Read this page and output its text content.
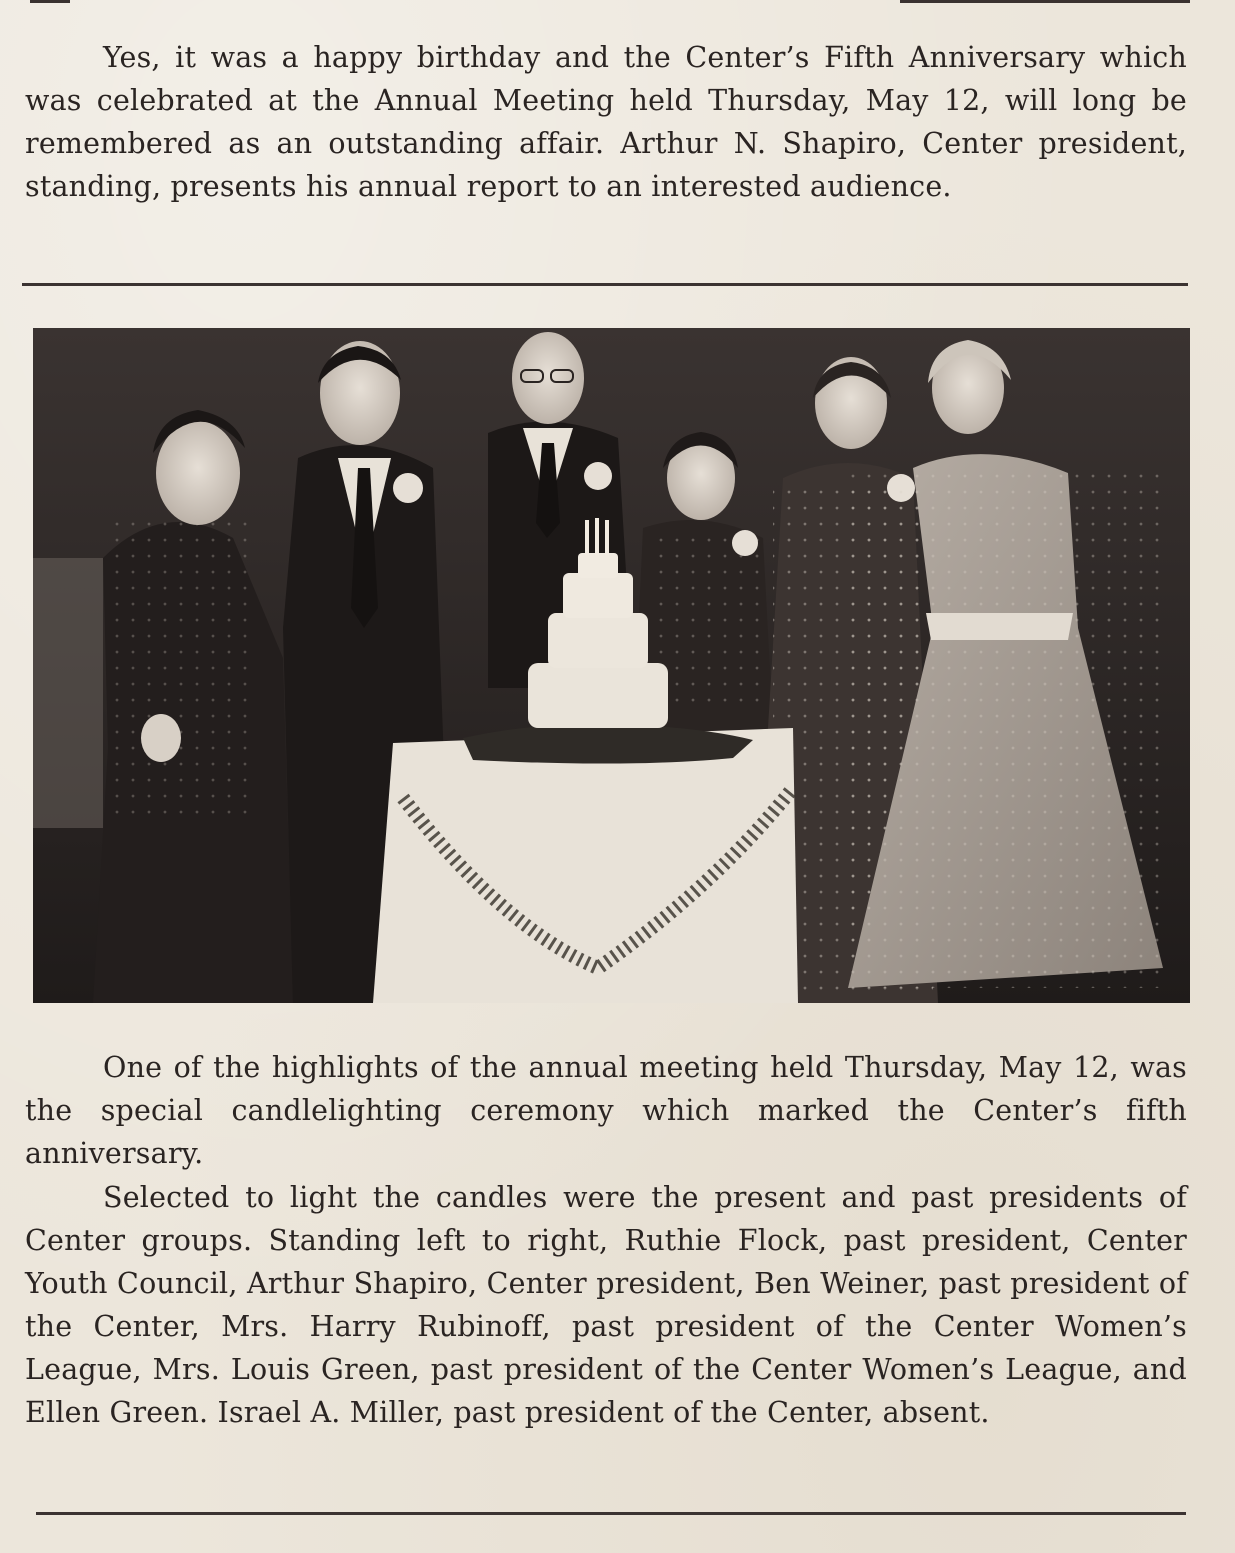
Yes, it was a happy birthday and the Center’s Fifth Anniversary which was celebrated at the Annual Meeting held Thursday, May 12, will long be remembered as an outstanding affair. Arthur N. Shapiro, Center president, standing, presents his annual report to an interested audience.

One of the highlights of the annual meeting held Thursday, May 12, was the special candlelighting ceremony which marked the Center’s fifth anniversary.

Selected to light the candles were the present and past presidents of Center groups. Standing left to right, Ruthie Flock, past president, Center Youth Council, Arthur Shapiro, Center president, Ben Weiner, past president of the Center, Mrs. Harry Rubinoff, past president of the Center Women’s League, Mrs. Louis Green, past president of the Center Women’s League, and Ellen Green. Israel A. Miller, past president of the Center, absent.
